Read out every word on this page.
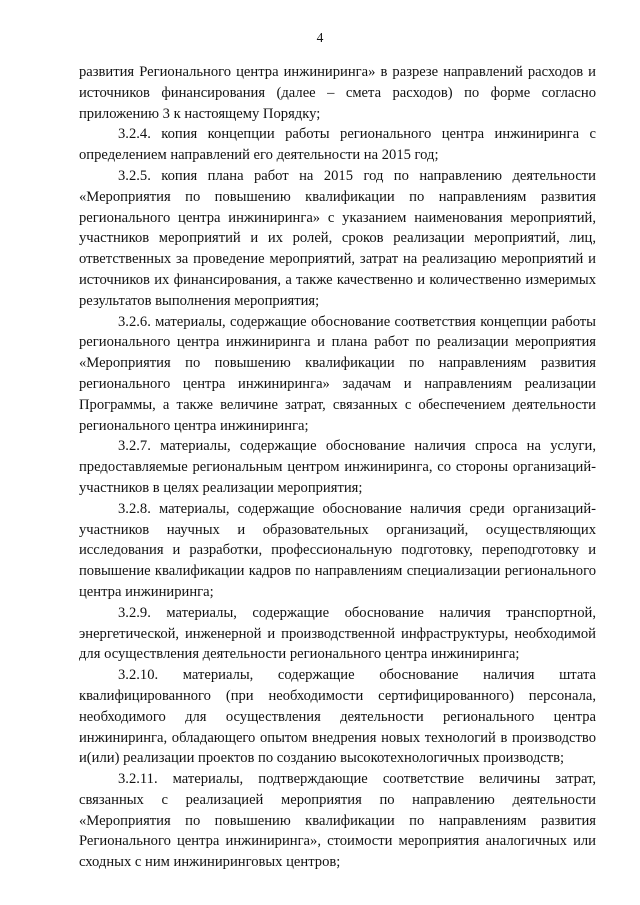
4

развития Регионального центра инжиниринга» в разрезе направлений расходов и источников финансирования (далее – смета расходов) по форме согласно приложению 3 к настоящему Порядку;

3.2.4. копия концепции работы регионального центра инжиниринга с определением направлений его деятельности на 2015 год;

3.2.5. копия плана работ на 2015 год по направлению деятельности «Мероприятия по повышению квалификации по направлениям развития регионального центра инжиниринга» с указанием наименования мероприятий, участников мероприятий и их ролей, сроков реализации мероприятий, лиц, ответственных за проведение мероприятий, затрат на реализацию мероприятий и источников их финансирования, а также качественно и количественно измеримых результатов выполнения мероприятия;

3.2.6. материалы, содержащие обоснование соответствия концепции работы регионального центра инжиниринга и плана работ по реализации мероприятия «Мероприятия по повышению квалификации по направлениям развития регионального центра инжиниринга» задачам и направлениям реализации Программы, а также величине затрат, связанных с обеспечением деятельности регионального центра инжиниринга;

3.2.7. материалы, содержащие обоснование наличия спроса на услуги, предоставляемые региональным центром инжиниринга, со стороны организаций-участников в целях реализации мероприятия;

3.2.8. материалы, содержащие обоснование наличия среди организаций-участников научных и образовательных организаций, осуществляющих исследования и разработки, профессиональную подготовку, переподготовку и повышение квалификации кадров по направлениям специализации регионального центра инжиниринга;

3.2.9. материалы, содержащие обоснование наличия транспортной, энергетической, инженерной и производственной инфраструктуры, необходимой для осуществления деятельности регионального центра инжиниринга;

3.2.10. материалы, содержащие обоснование наличия штата квалифицированного (при необходимости сертифицированного) персонала, необходимого для осуществления деятельности регионального центра инжиниринга, обладающего опытом внедрения новых технологий в производство и(или) реализации проектов по созданию высокотехнологичных производств;

3.2.11. материалы, подтверждающие соответствие величины затрат, связанных с реализацией мероприятия по направлению деятельности «Мероприятия по повышению квалификации по направлениям развития Регионального центра инжиниринга», стоимости мероприятия аналогичных или сходных с ним инжиниринговых центров;
